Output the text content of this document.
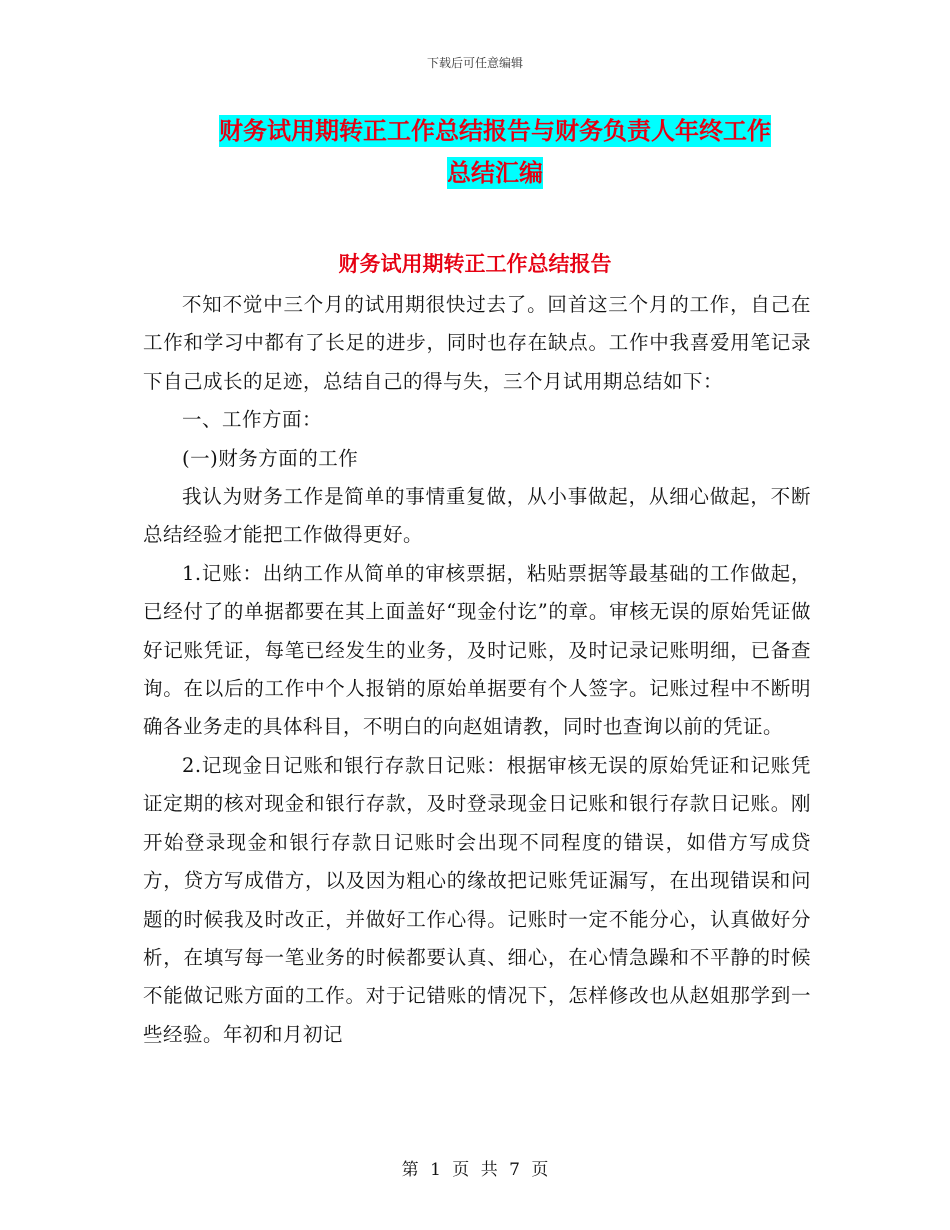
下载后可任意编辑
财务试用期转正工作总结报告与财务负责人年终工作
总结汇编
财务试用期转正工作总结报告

不知不觉中三个月的试用期很快过去了。回首这三个月的工作，自己在工作和学习中都有了长足的进步，同时也存在缺点。工作中我喜爱用笔记录下自己成长的足迹，总结自己的得与失，三个月试用期总结如下：

一、工作方面：

(一)财务方面的工作

我认为财务工作是简单的事情重复做，从小事做起，从细心做起，不断总结经验才能把工作做得更好。

1.记账：出纳工作从简单的审核票据，粘贴票据等最基础的工作做起，已经付了的单据都要在其上面盖好“现金付讫”的章。审核无误的原始凭证做好记账凭证，每笔已经发生的业务，及时记账，及时记录记账明细，已备查询。在以后的工作中个人报销的原始单据要有个人签字。记账过程中不断明确各业务走的具体科目，不明白的向赵姐请教，同时也查询以前的凭证。

2.记现金日记账和银行存款日记账：根据审核无误的原始凭证和记账凭证定期的核对现金和银行存款，及时登录现金日记账和银行存款日记账。刚开始登录现金和银行存款日记账时会出现不同程度的错误，如借方写成贷方，贷方写成借方，以及因为粗心的缘故把记账凭证漏写，在出现错误和问题的时候我及时改正，并做好工作心得。记账时一定不能分心，认真做好分析，在填写每一笔业务的时候都要认真、细心，在心情急躁和不平静的时候不能做记账方面的工作。对于记错账的情况下，怎样修改也从赵姐那学到一些经验。年初和月初记

第 1 页 共 7 页
